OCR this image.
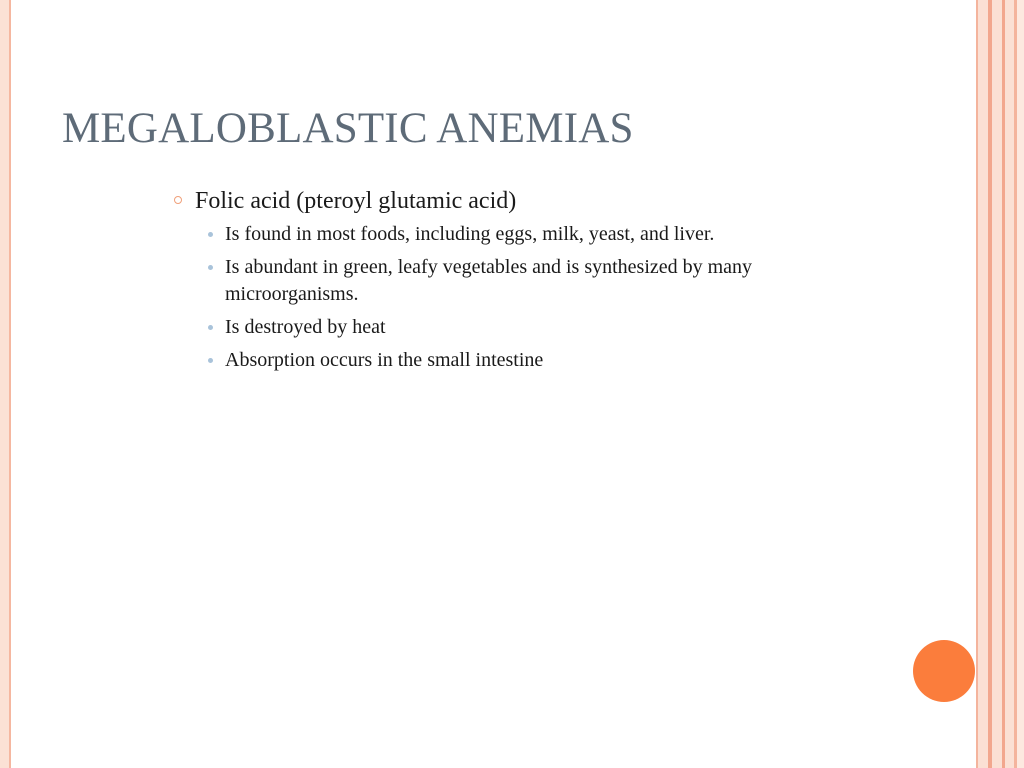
MEGALOBLASTIC ANEMIAS
Folic acid (pteroyl glutamic acid)
Is found in most foods, including eggs, milk, yeast, and liver.
Is abundant in green, leafy vegetables and is synthesized by many microorganisms.
Is destroyed by heat
Absorption occurs in the small intestine
